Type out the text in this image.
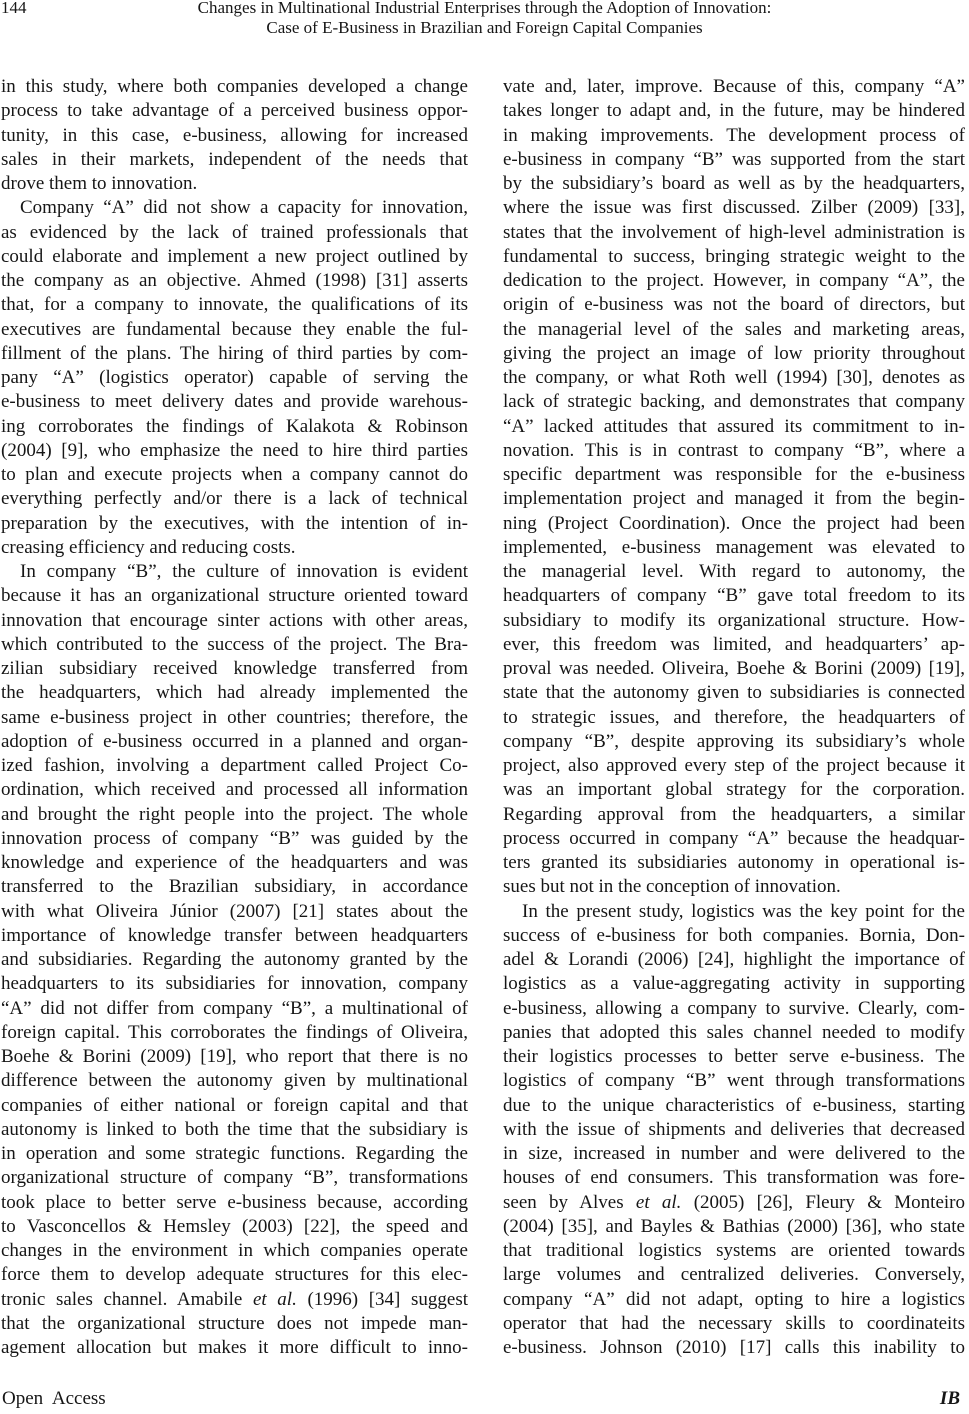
144	Changes in Multinational Industrial Enterprises through the Adoption of Innovation:
Case of E-Business in Brazilian and Foreign Capital Companies
in this study, where both companies developed a change
process to take advantage of a perceived business oppor-
tunity, in this case, e-business, allowing for increased
sales in their markets, independent of the needs that
drove them to innovation.
Company “A” did not show a capacity for innovation,
as evidenced by the lack of trained professionals that
could elaborate and implement a new project outlined by
the company as an objective. Ahmed (1998) [31] asserts
that, for a company to innovate, the qualifications of its
executives are fundamental because they enable the ful-
fillment of the plans. The hiring of third parties by com-
pany “A” (logistics operator) capable of serving the
e-business to meet delivery dates and provide warehous-
ing corroborates the findings of Kalakota & Robinson
(2004) [9], who emphasize the need to hire third parties
to plan and execute projects when a company cannot do
everything perfectly and/or there is a lack of technical
preparation by the executives, with the intention of in-
creasing efficiency and reducing costs.
In company “B”, the culture of innovation is evident
because it has an organizational structure oriented toward
innovation that encourage sinter actions with other areas,
which contributed to the success of the project. The Bra-
zilian subsidiary received knowledge transferred from
the headquarters, which had already implemented the
same e-business project in other countries; therefore, the
adoption of e-business occurred in a planned and organ-
ized fashion, involving a department called Project Co-
ordination, which received and processed all information
and brought the right people into the project. The whole
innovation process of company “B” was guided by the
knowledge and experience of the headquarters and was
transferred to the Brazilian subsidiary, in accordance
with what Oliveira Júnior (2007) [21] states about the
importance of knowledge transfer between headquarters
and subsidiaries. Regarding the autonomy granted by the
headquarters to its subsidiaries for innovation, company
“A” did not differ from company “B”, a multinational of
foreign capital. This corroborates the findings of Oliveira,
Boehe & Borini (2009) [19], who report that there is no
difference between the autonomy given by multinational
companies of either national or foreign capital and that
autonomy is linked to both the time that the subsidiary is
in operation and some strategic functions. Regarding the
organizational structure of company “B”, transformations
took place to better serve e-business because, according
to Vasconcellos & Hemsley (2003) [22], the speed and
changes in the environment in which companies operate
force them to develop adequate structures for this elec-
tronic sales channel. Amabile et al. (1996) [34] suggest
that the organizational structure does not impede man-
agement allocation but makes it more difficult to inno-
vate and, later, improve. Because of this, company “A”
takes longer to adapt and, in the future, may be hindered
in making improvements. The development process of
e-business in company “B” was supported from the start
by the subsidiary’s board as well as by the headquarters,
where the issue was first discussed. Zilber (2009) [33],
states that the involvement of high-level administration is
fundamental to success, bringing strategic weight to the
dedication to the project. However, in company “A”, the
origin of e-business was not the board of directors, but
the managerial level of the sales and marketing areas,
giving the project an image of low priority throughout
the company, or what Roth well (1994) [30], denotes as
lack of strategic backing, and demonstrates that company
“A” lacked attitudes that assured its commitment to in-
novation. This is in contrast to company “B”, where a
specific department was responsible for the e-business
implementation project and managed it from the begin-
ning (Project Coordination). Once the project had been
implemented, e-business management was elevated to
the managerial level. With regard to autonomy, the
headquarters of company “B” gave total freedom to its
subsidiary to modify its organizational structure. How-
ever, this freedom was limited, and headquarters’ ap-
proval was needed. Oliveira, Boehe & Borini (2009) [19],
state that the autonomy given to subsidiaries is connected
to strategic issues, and therefore, the headquarters of
company “B”, despite approving its subsidiary’s whole
project, also approved every step of the project because it
was an important global strategy for the corporation.
Regarding approval from the headquarters, a similar
process occurred in company “A” because the headquar-
ters granted its subsidiaries autonomy in operational is-
sues but not in the conception of innovation.
In the present study, logistics was the key point for the
success of e-business for both companies. Bornia, Don-
adel & Lorandi (2006) [24], highlight the importance of
logistics as a value-aggregating activity in supporting
e-business, allowing a company to survive. Clearly, com-
panies that adopted this sales channel needed to modify
their logistics processes to better serve e-business. The
logistics of company “B” went through transformations
due to the unique characteristics of e-business, starting
with the issue of shipments and deliveries that decreased
in size, increased in number and were delivered to the
houses of end consumers. This transformation was fore-
seen by Alves et al. (2005) [26], Fleury & Monteiro
(2004) [35], and Bayles & Bathias (2000) [36], who state
that traditional logistics systems are oriented towards
large volumes and centralized deliveries. Conversely,
company “A” did not adapt, opting to hire a logistics
operator that had the necessary skills to coordinateits
e-business. Johnson (2010) [17] calls this inability to
Open Access	IB
